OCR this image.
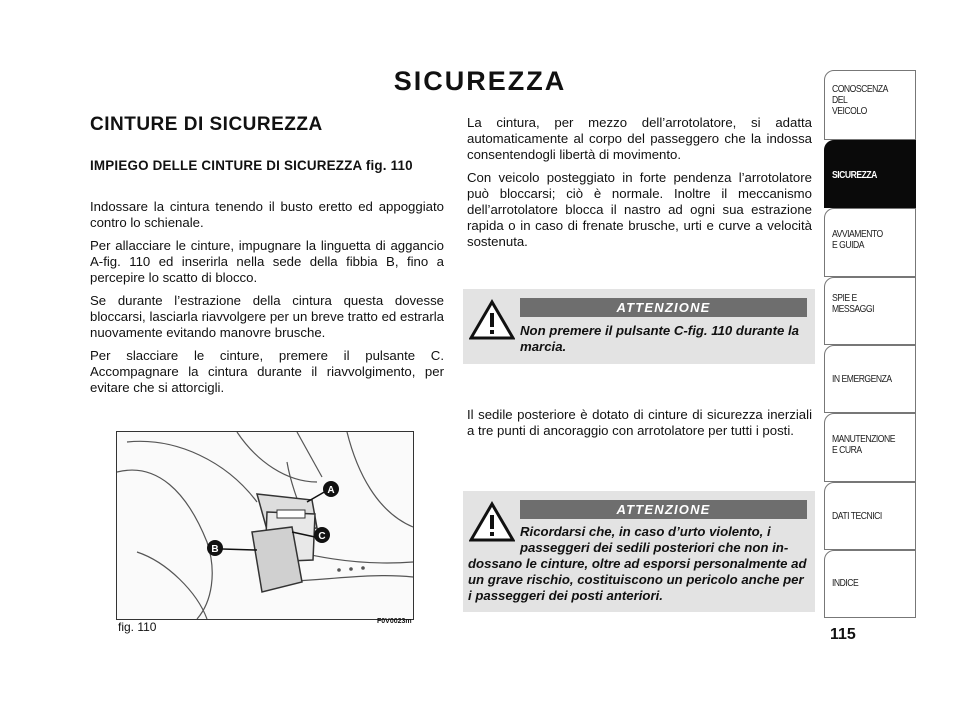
SICUREZZA
CINTURE DI SICUREZZA
IMPIEGO DELLE CINTURE DI SICUREZZA fig. 110

Indossare la cintura tenendo il busto eretto ed appoggiato contro lo schienale.

Per allacciare le cinture, impugnare la linguetta di aggancio A-fig. 110 ed inserirla nella sede della fibbia B, fino a percepire lo scatto di blocco.

Se durante l’estrazione della cintura questa dovesse bloccarsi, lasciarla riavvolgere per un breve tratto ed estrarla nuovamente evitando manovre brusche.

Per slacciare le cinture, premere il pulsante C. Accompagnare la cintura durante il riavvolgimento, per evitare che si attorcigli.

La cintura, per mezzo dell’arrotolatore, si adatta automaticamente al corpo del passeggero che la indossa consentendogli libertà di movimento.

Con veicolo posteggiato in forte pendenza l’arrotolatore può bloccarsi; ciò è normale. Inoltre il meccanismo dell’arrotolatore blocca il nastro ad ogni sua estrazione rapida o in caso di frenate brusche, urti e curve a velocità sostenuta.

ATTENZIONE
Non premere il pulsante C-fig. 110 durante la marcia.

Il sedile posteriore è dotato di cinture di sicurezza inerziali a tre punti di ancoraggio con arrotolatore per tutti i posti.

ATTENZIONE
Ricordarsi che, in caso d’urto violento, i passeggeri dei sedili posteriori che non in-
dossano le cinture, oltre ad esporsi personalmente ad un grave rischio, costituiscono un pericolo anche per i passeggeri dei posti anteriori.
A
C
B
F0V0023m
fig. 110	115
CONOSCENZA
DEL
VEICOLO
SICUREZZA
AVVIAMENTO
E GUIDA
SPIE E
MESSAGGI
IN EMERGENZA
MANUTENZIONE
E CURA
DATI TECNICI
INDICE
